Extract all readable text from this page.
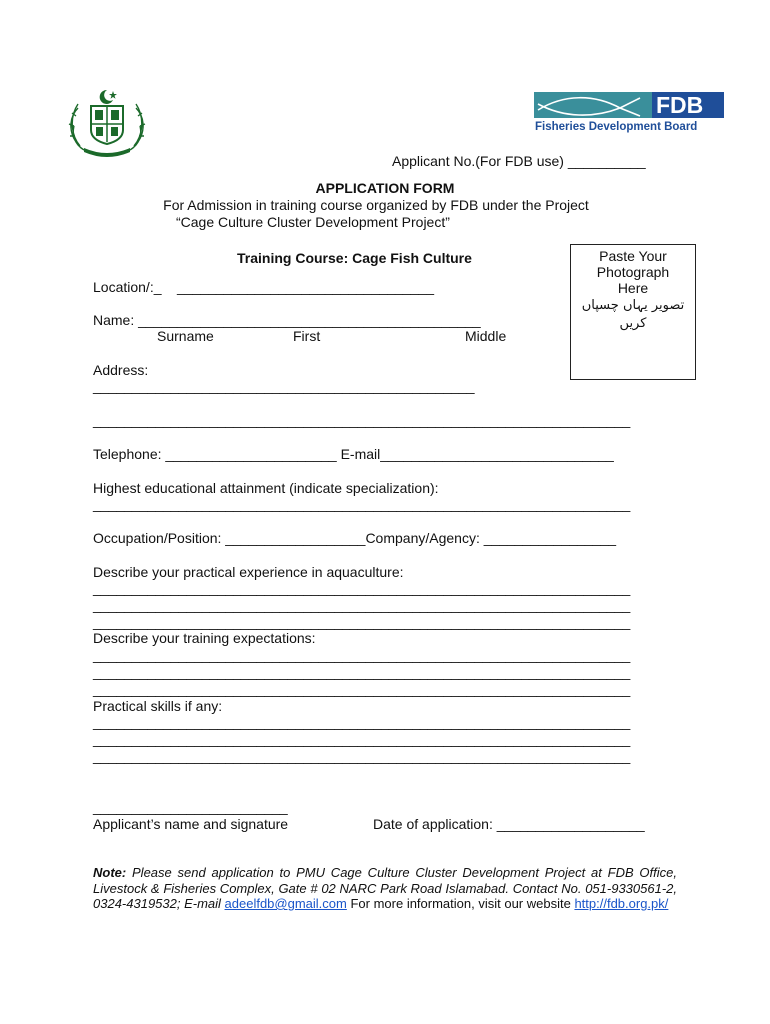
FDB
Fisheries Development Board
Applicant No.(For FDB use) __________
APPLICATION FORM
For Admission in training course organized by FDB under the Project
“Cage Culture Cluster Development Project”
Paste Your
Photograph
Here
تصویر یہاں چسپاں
کریں
Training Course: Cage Fish Culture
Location/:_    _________________________________
Name: ____________________________________________
Surname	First	Middle
Address:
_________________________________________________
_____________________________________________________________________
Telephone: ______________________ E-mail______________________________
Highest educational attainment (indicate specialization):
_____________________________________________________________________
Occupation/Position: __________________Company/Agency: _________________
Describe your practical experience in aquaculture:
_____________________________________________________________________
_____________________________________________________________________
_____________________________________________________________________
Describe your training expectations:
_____________________________________________________________________
_____________________________________________________________________
_____________________________________________________________________
Practical skills if any:
_____________________________________________________________________
_____________________________________________________________________
_____________________________________________________________________
_________________________
Applicant’s name and signature	Date of application: ___________________
Note: Please send application to PMU Cage Culture Cluster Development Project at FDB Office, Livestock & Fisheries Complex, Gate # 02 NARC Park Road Islamabad. Contact No. 051-9330561-2, 0324-4319532; E-mail adeelfdb@gmail.com For more information, visit our website http://fdb.org.pk/
